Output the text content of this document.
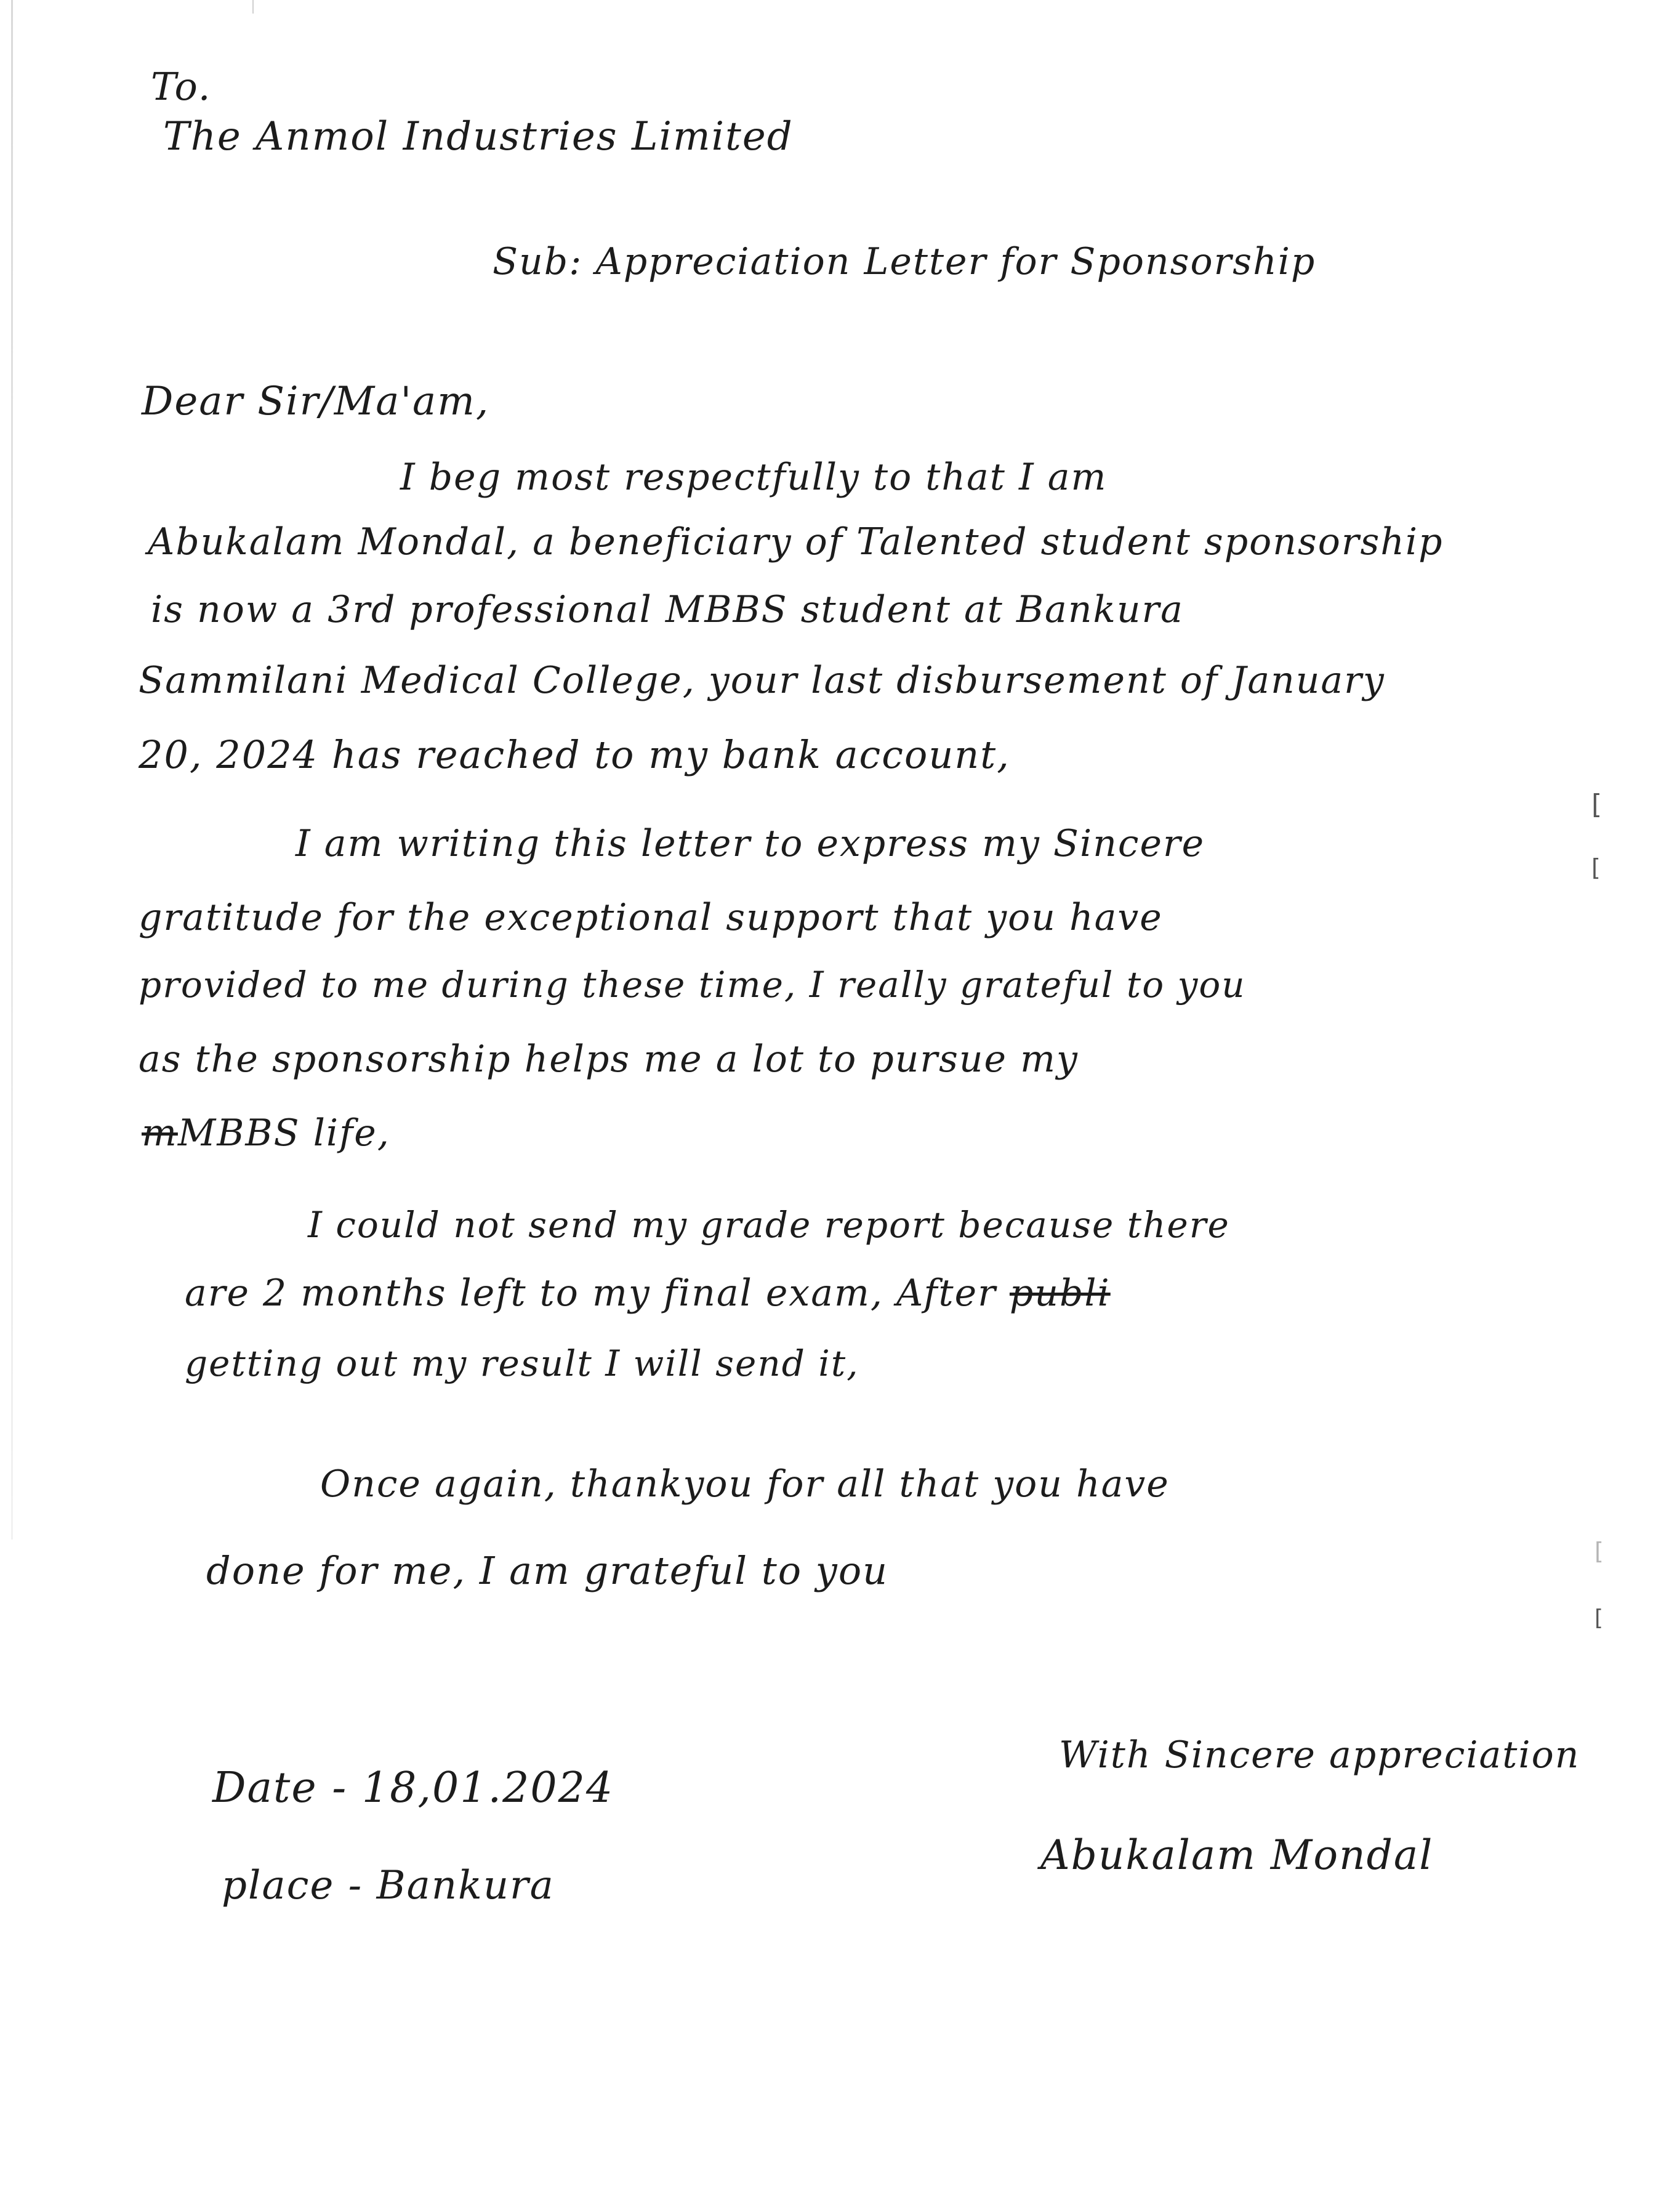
To.
The Anmol Industries Limited
Sub: Appreciation Letter for Sponsorship
Dear Sir/Ma'am,
I beg most respectfully to that I am
Abukalam Mondal, a beneficiary of Talented student sponsorship
is now a 3rd professional MBBS student at Bankura
Sammilani Medical College, your last disbursement of January
20, 2024 has reached to my bank account,
I am writing this letter to express my Sincere
gratitude for the exceptional support that you have
provided to me during these time, I really grateful to you
as the sponsorship helps me a lot to pursue my
mMBBS life,
I could not send my grade report because there
are 2 months left to my final exam, After publi
getting out my result I will send it,
Once again, thankyou for all that you have
done for me, I am grateful to you
With Sincere appreciation
Abukalam Mondal
Date - 18,01.2024
place - Bankura
[
[
[
[
